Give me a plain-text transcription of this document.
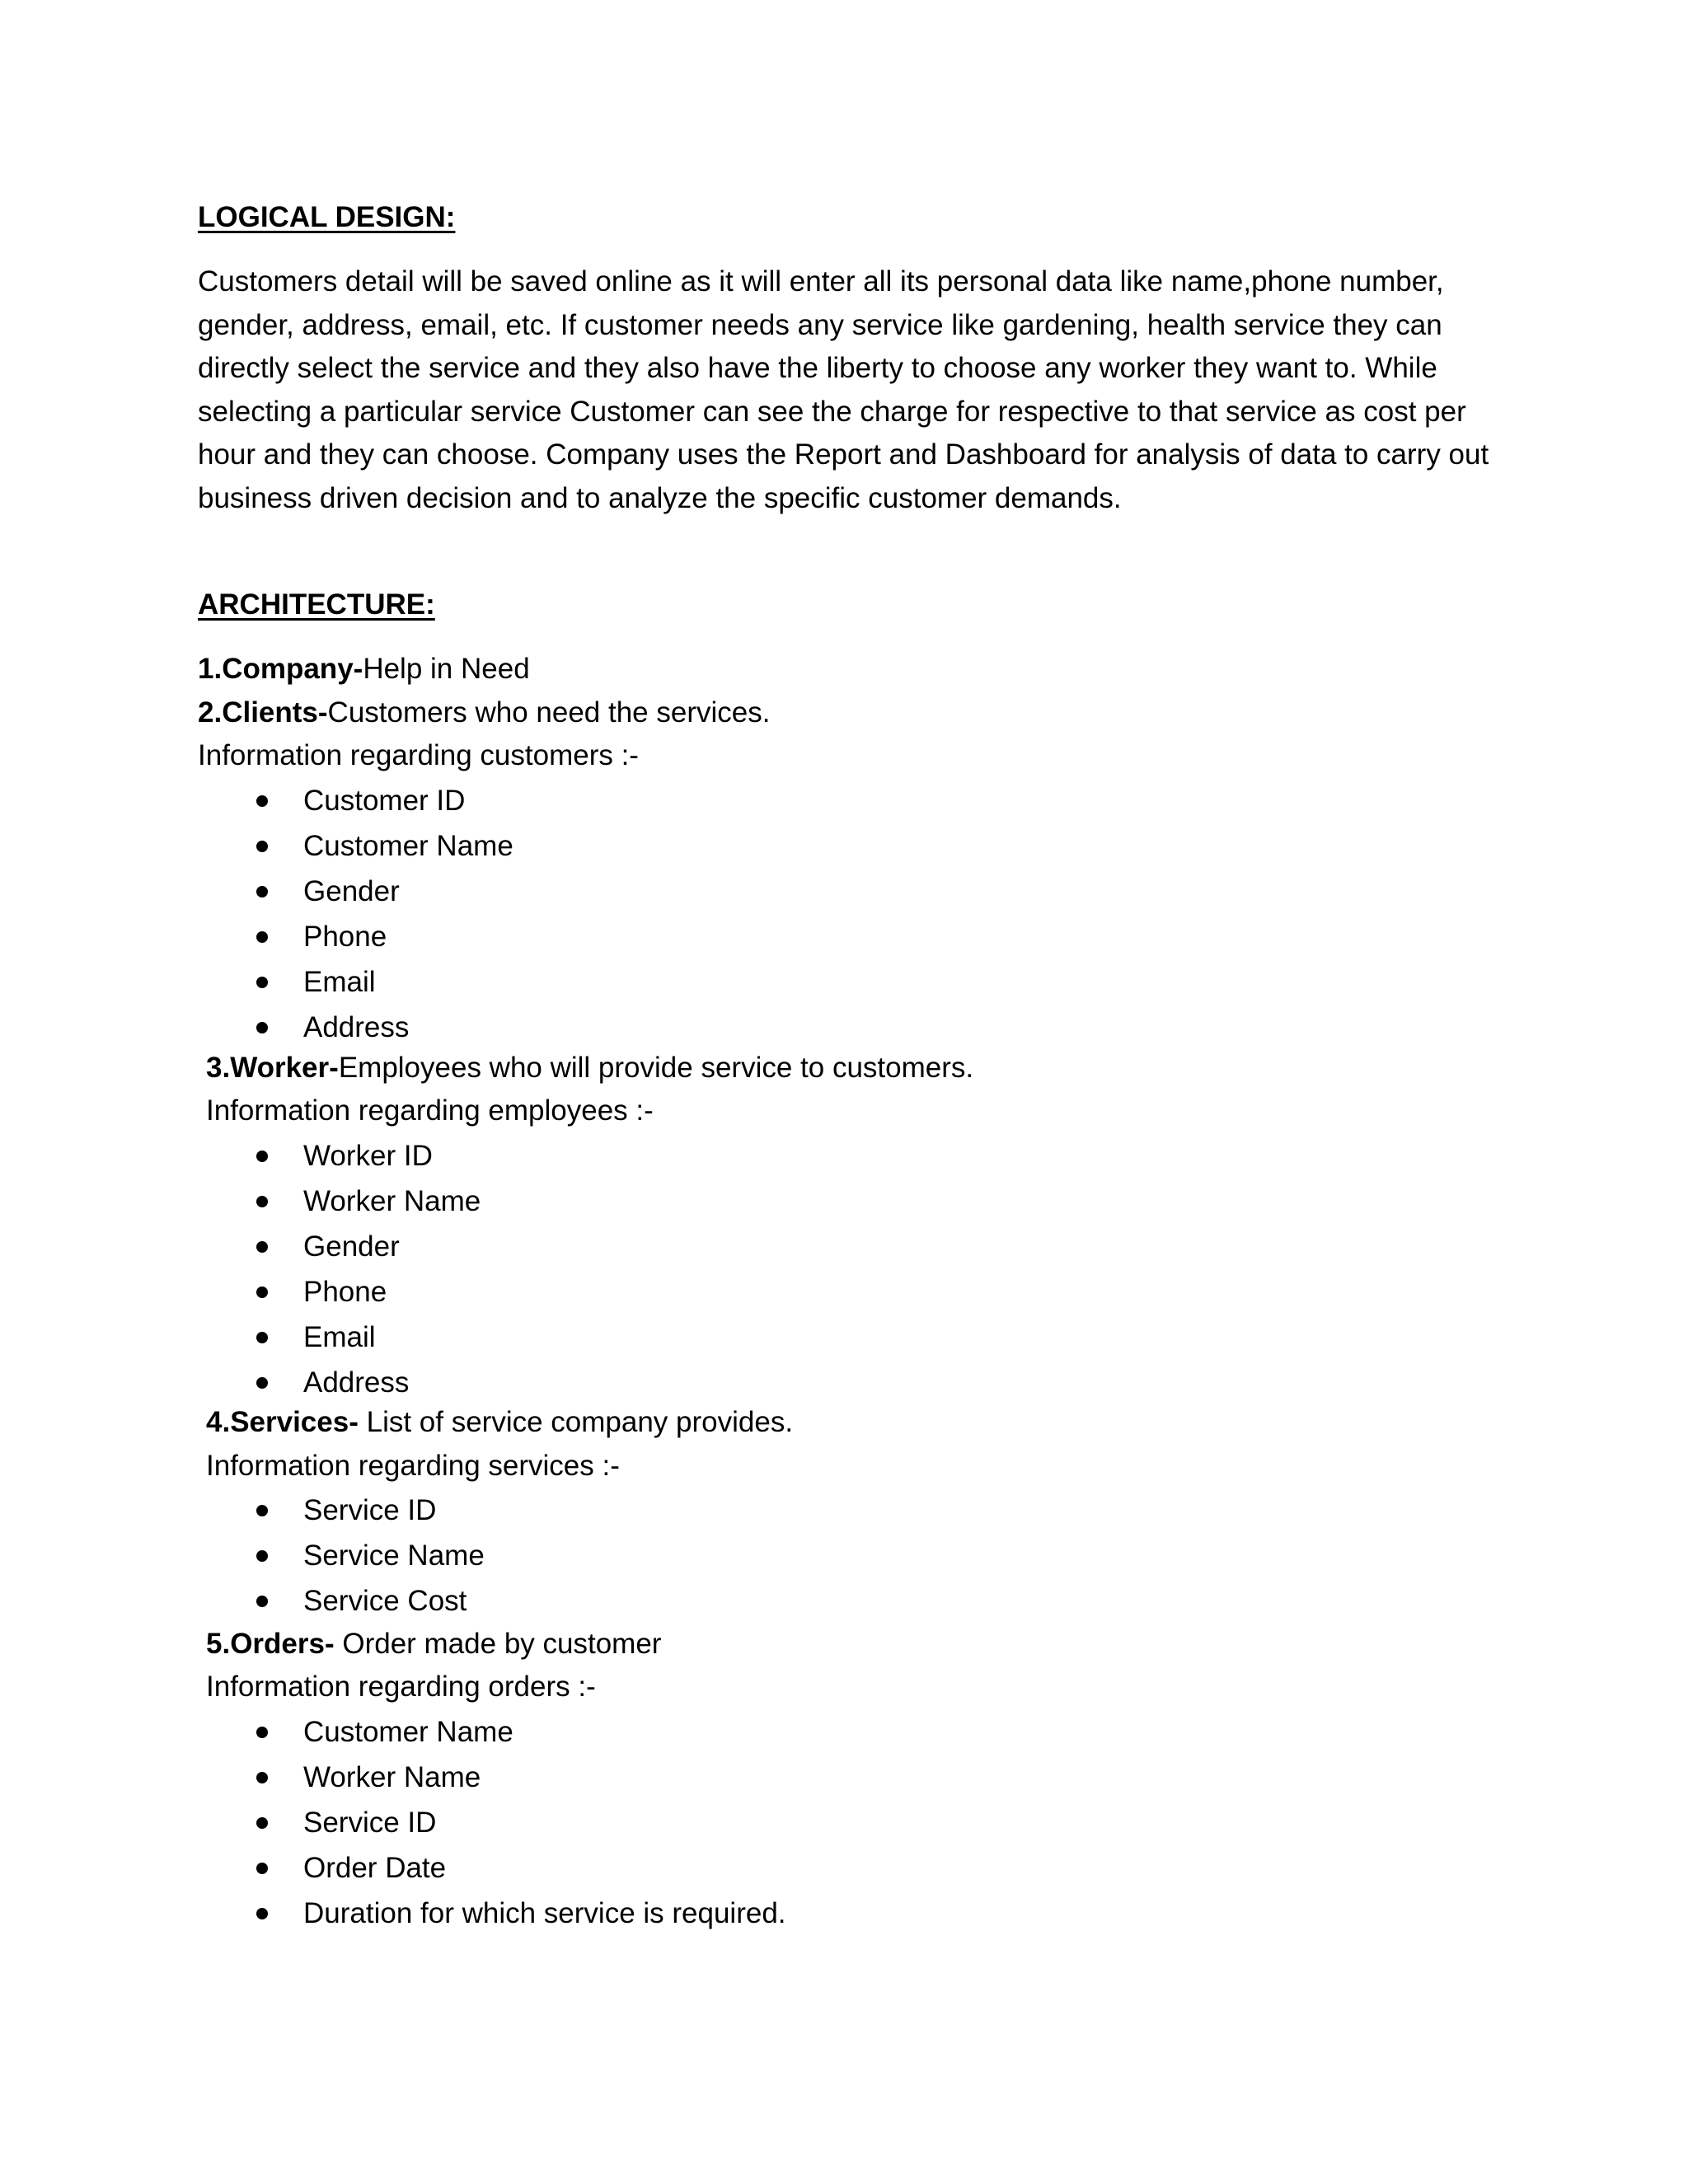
LOGICAL DESIGN:
Customers detail will be saved online as it will enter all its personal data like name,phone number, gender, address, email, etc. If customer needs any service like gardening, health service they can directly select the service and they also have the liberty to choose any worker they want to. While selecting a particular service Customer can see the charge for respective to that service as cost per hour and they can choose. Company uses the Report and Dashboard for analysis of data to carry out business driven decision and to analyze the specific customer demands.
ARCHITECTURE:
1.Company-Help in Need
2.Clients-Customers who need the services.
Information regarding customers :-
Customer ID
Customer Name
Gender
Phone
Email
Address
3.Worker-Employees who will provide service to customers.
Information regarding employees :-
Worker ID
Worker Name
Gender
Phone
Email
Address
4.Services- List of service company provides.
Information regarding services :-
Service ID
Service Name
Service Cost
5.Orders- Order made by customer
Information regarding orders :-
Customer Name
Worker Name
Service ID
Order Date
Duration for which service is required.
